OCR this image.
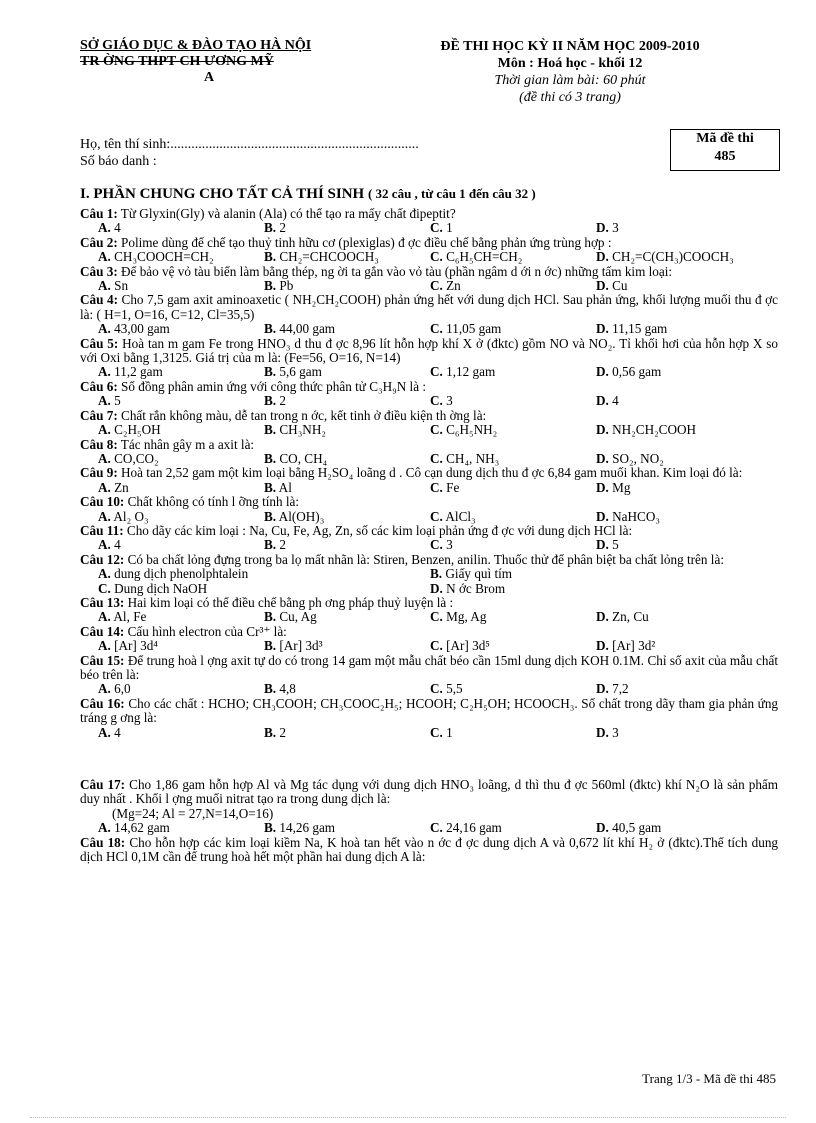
SỞ GIÁO DỤC & ĐÀO TẠO HÀ NỘI
TR ỜNG THPT CH ƯƠNG MỸ
A
ĐỀ THI HỌC KỲ II NĂM HỌC 2009-2010
Môn : Hoá học - khối 12
Thời gian làm bài: 60 phút
(đề thi có 3 trang)
Họ, tên thí sinh:.......................................................................
Số báo danh :
Mã đề thi
485
I. PHẦN CHUNG CHO TẤT CẢ THÍ SINH ( 32 câu , từ câu 1 đến câu 32 )

Câu 1: Từ Glyxin(Gly) và alanin (Ala) có thể tạo ra mấy chất đipeptit?

A. 4	B. 2	C. 1	D. 3

Câu 2: Polime dùng để chế tạo thuỷ tinh hữu cơ (plexiglas) đ ợc điều chế bằng phản ứng trùng hợp :

A. CH₃COOCH=CH₂	B. CH₂=CHCOOCH₃	C. C₆H₅CH=CH₂	D. CH₂=C(CH₃)COOCH₃

Câu 3: Để bảo vệ vỏ tàu biển làm bằng thép, ng ời ta gắn vào vỏ tàu (phần ngâm d ới n ớc) những tấm kim loại:

A. Sn	B. Pb	C. Zn	D. Cu

Câu 4: Cho 7,5 gam axit aminoaxetic ( NH₂CH₂COOH) phản ứng hết với dung dịch HCl. Sau phản ứng, khối lượng muối thu đ ợc là: ( H=1, O=16, C=12, Cl=35,5)

A. 43,00 gam	B. 44,00 gam	C. 11,05 gam	D. 11,15 gam

Câu 5: Hoà tan m gam Fe trong HNO₃ d thu đ ợc 8,96 lít hỗn hợp khí X ở (đktc) gồm NO và NO₂. Tỉ khối hơi của hỗn hợp X so với Oxi bằng 1,3125. Giá trị của m là: (Fe=56, O=16, N=14)

A. 11,2 gam	B. 5,6 gam	C. 1,12 gam	D. 0,56 gam

Câu 6: Số đồng phân amin ứng với công thức phân tử C₃H₉N là :

A. 5	B. 2	C. 3	D. 4

Câu 7: Chất rắn không màu, dễ tan trong n ớc, kết tinh ở điều kiện th ờng là:

A. C₂H₅OH	B. CH₃NH₂	C. C₆H₅NH₂	D. NH₂CH₂COOH

Câu 8: Tác nhân gây m a axit là:

A. CO,CO₂	B. CO, CH₄	C. CH₄, NH₃	D. SO₂, NO₂

Câu 9: Hoà tan 2,52 gam một kim loại bằng H₂SO₄ loãng d . Cô cạn dung dịch thu đ ợc 6,84 gam muối khan. Kim loại đó là:

A. Zn	B. Al	C. Fe	D. Mg

Câu 10: Chất không có tính l ỡng tính là:

A. Al₂ O₃	B. Al(OH)₃	C. AlCl₃	D. NaHCO₃

Câu 11: Cho dãy các kim loại : Na, Cu, Fe, Ag, Zn, số các kim loại phản ứng đ ợc với dung dịch HCl là:

A. 4	B. 2	C. 3	D. 5

Câu 12: Có ba chất lỏng đựng trong ba lọ mất nhãn là: Stiren, Benzen, anilin. Thuốc thử để phân biệt ba chất lỏng trên là:

A. dung dịch phenolphtalein	B. Giấy quì tím
C. Dung dịch NaOH	D. N ớc Brom

Câu 13: Hai kim loại có thể điều chế bằng ph ơng pháp thuỷ luyện là :

A. Al, Fe	B. Cu, Ag	C. Mg, Ag	D. Zn, Cu

Câu 14: Cấu hình electron của Cr³⁺ là:

A. [Ar] 3d⁴	B. [Ar] 3d³	C. [Ar] 3d⁵	D. [Ar] 3d²

Câu 15: Để trung hoà l ợng axit tự do có trong 14 gam một mẫu chất béo cần 15ml dung dịch KOH 0.1M. Chỉ số axit của mẫu chất béo trên là:

A. 6,0	B. 4,8	C. 5,5	D. 7,2

Câu 16: Cho các chất : HCHO; CH₃COOH; CH₃COOC₂H₅; HCOOH; C₂H₅OH; HCOOCH₃. Số chất trong dãy tham gia phản ứng tráng g ơng là:

A. 4	B. 2	C. 1	D. 3

Câu 17: Cho 1,86 gam hỗn hợp Al và Mg tác dụng với dung dịch HNO₃ loãng, d thì thu đ ợc 560ml (đktc) khí N₂O là sản phẩm duy nhất . Khối l ợng muối nitrat tạo ra trong dung dịch là:

(Mg=24; Al = 27,N=14,O=16)
A. 14,62 gam	B. 14,26 gam	C. 24,16 gam	D. 40,5 gam

Câu 18: Cho hỗn hợp các kim loại kiềm Na, K hoà tan hết vào n ớc đ ợc dung dịch A và 0,672 lít khí H₂ ở (đktc).Thể tích dung dịch HCl 0,1M cần để trung hoà hết một phần hai dung dịch A là:

Trang 1/3 - Mã đề thi 485
